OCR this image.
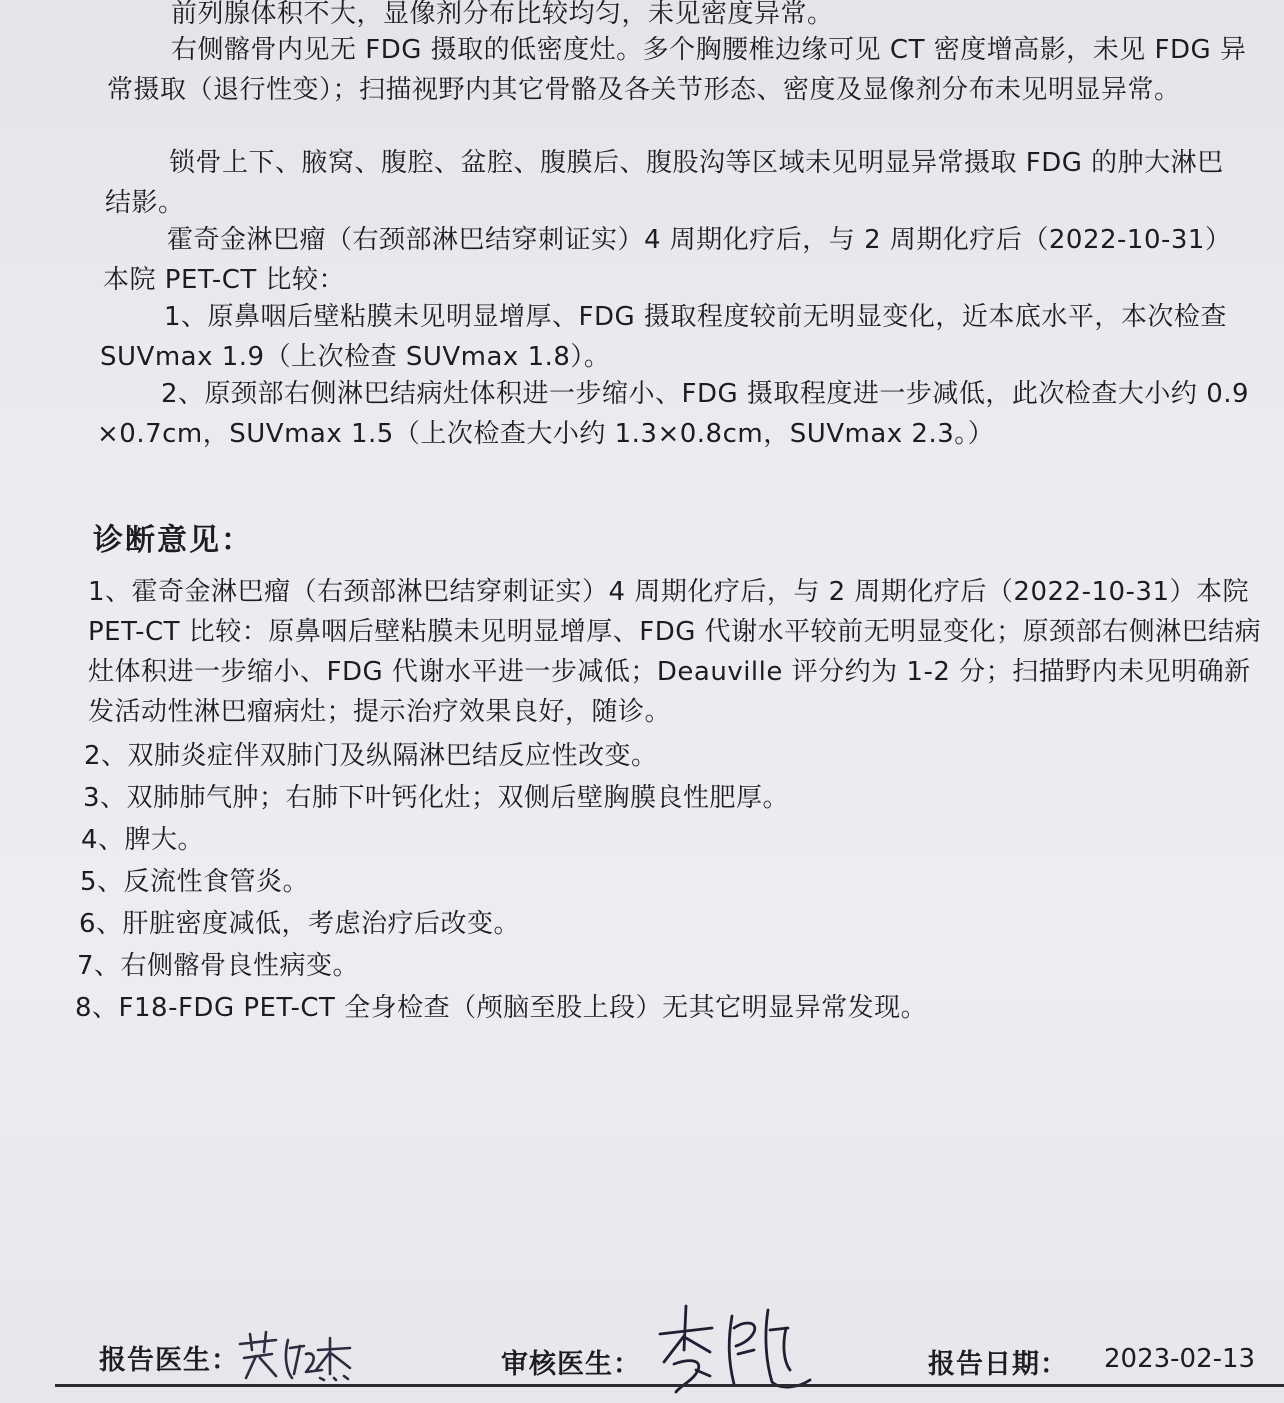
前列腺体积不大，显像剂分布比较均匀，未见密度异常。

右侧髂骨内见无 FDG 摄取的低密度灶。多个胸腰椎边缘可见 CT 密度增高影，未见 FDG 异常摄取（退行性变）；扫描视野内其它骨骼及各关节形态、密度及显像剂分布未见明显异常。

锁骨上下、腋窝、腹腔、盆腔、腹膜后、腹股沟等区域未见明显异常摄取 FDG 的肿大淋巴结影。

霍奇金淋巴瘤（右颈部淋巴结穿刺证实）4 周期化疗后，与 2 周期化疗后（2022-10-31）本院 PET-CT 比较：

1、原鼻咽后壁粘膜未见明显增厚、FDG 摄取程度较前无明显变化，近本底水平，本次检查 SUVmax 1.9（上次检查 SUVmax 1.8）。

2、原颈部右侧淋巴结病灶体积进一步缩小、FDG 摄取程度进一步减低，此次检查大小约 0.9×0.7cm，SUVmax 1.5（上次检查大小约 1.3×0.8cm，SUVmax 2.3。）

诊断意见：

1、霍奇金淋巴瘤（右颈部淋巴结穿刺证实）4 周期化疗后，与 2 周期化疗后（2022-10-31）本院 PET-CT 比较：原鼻咽后壁粘膜未见明显增厚、FDG 代谢水平较前无明显变化；原颈部右侧淋巴结病灶体积进一步缩小、FDG 代谢水平进一步减低；Deauville 评分约为 1-2 分；扫描野内未见明确新发活动性淋巴瘤病灶；提示治疗效果良好，随诊。

2、双肺炎症伴双肺门及纵隔淋巴结反应性改变。

3、双肺肺气肿；右肺下叶钙化灶；双侧后壁胸膜良性肥厚。

4、脾大。

5、反流性食管炎。

6、肝脏密度减低，考虑治疗后改变。

7、右侧髂骨良性病变。

8、F18-FDG PET-CT 全身检查（颅脑至股上段）无其它明显异常发现。

报告医生：	审核医生：	报告日期： 2023-02-13
